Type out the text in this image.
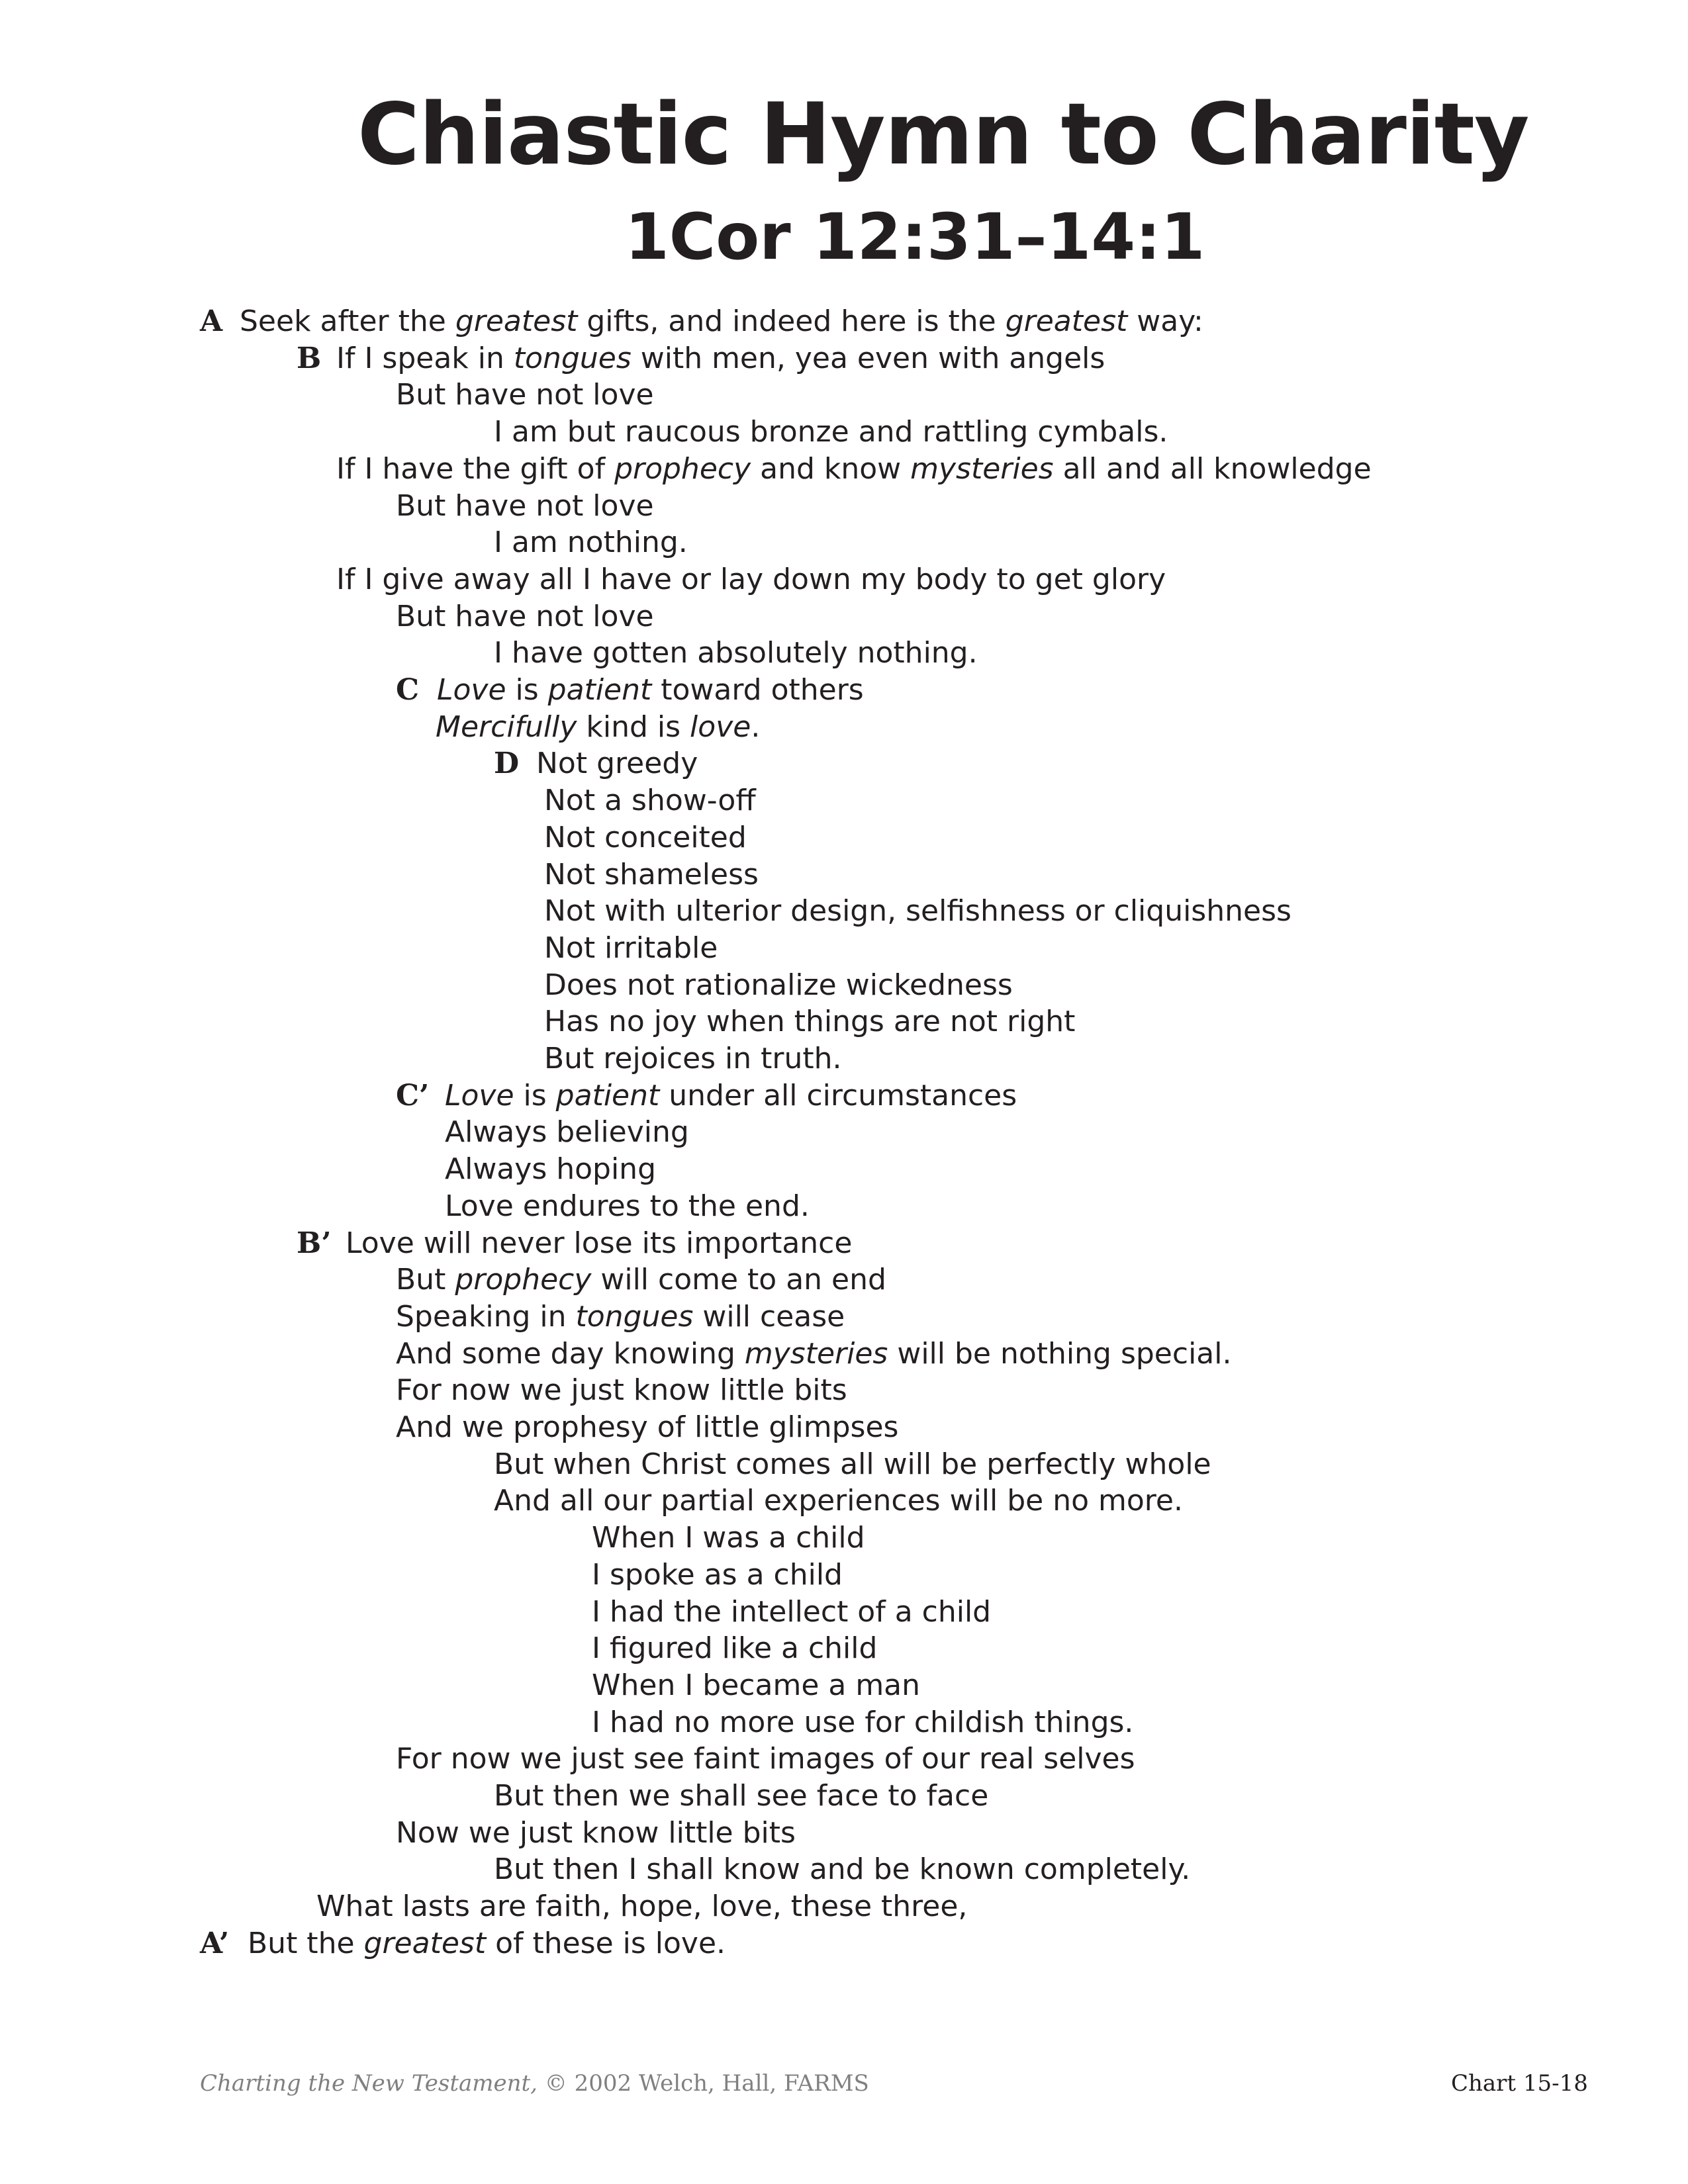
Chiastic Hymn to Charity
1Cor 12:31–14:1
A Seek after the greatest gifts, and indeed here is the greatest way:
B If I speak in tongues with men, yea even with angels
But have not love
I am but raucous bronze and rattling cymbals.
If I have the gift of prophecy and know mysteries all and all knowledge
But have not love
I am nothing.
If I give away all I have or lay down my body to get glory
But have not love
I have gotten absolutely nothing.
C Love is patient toward others
Mercifully kind is love.
D Not greedy
Not a show-off
Not conceited
Not shameless
Not with ulterior design, selfishness or cliquishness
Not irritable
Does not rationalize wickedness
Has no joy when things are not right
But rejoices in truth.
C’ Love is patient under all circumstances
Always believing
Always hoping
Love endures to the end.
B’ Love will never lose its importance
But prophecy will come to an end
Speaking in tongues will cease
And some day knowing mysteries will be nothing special.
For now we just know little bits
And we prophesy of little glimpses
But when Christ comes all will be perfectly whole
And all our partial experiences will be no more.
When I was a child
I spoke as a child
I had the intellect of a child
I figured like a child
When I became a man
I had no more use for childish things.
For now we just see faint images of our real selves
But then we shall see face to face
Now we just know little bits
But then I shall know and be known completely.
What lasts are faith, hope, love, these three,
A’ But the greatest of these is love.
Charting the New Testament, © 2002 Welch, Hall, FARMS	Chart 15-18
